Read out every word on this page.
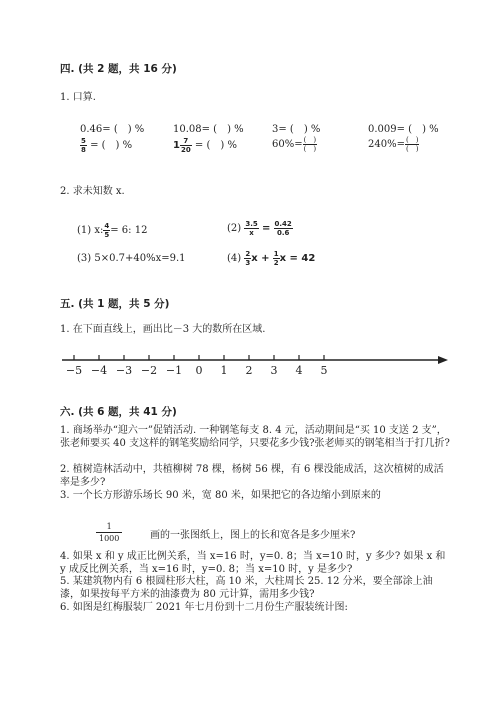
四. (共 2 题，共 16 分)
1. 口算.
0.46= (　) %	10.08= (　) %	3= (　) %	0.009= (　) %
$\frac{5}{8}$ = (　) %	$1 \frac{7}{20}$ = (　) %	$60\%= \frac{( )}{( )}$	$240\%= \frac{( )}{( )}$
2. 求未知数 x.
(1) x: $\frac{4}{5} = 6$: 12	$(2) \frac{3.5}{x} = \frac{0.42}{0.6}$
(3) 5×0.7+40%x=9.1	$(4) \frac{2}{3}$ $x + \frac{1}{2}$ x = 42
五. (共 1 题，共 5 分)
1. 在下面直线上，画出比－3 大的数所在区域.
−5 −4 −3 −2 −1 0 1 2 3 4 5
六. (共 6 题，共 41 分)
1. 商场举办“迎六一”促销活动. 一种钢笔每支 8. 4 元，活动期间是“买 10 支送 2 支”，张老师要买 40 支这样的钢笔奖励给同学，只要花多少钱?张老师买的钢笔相当于打几折?
2. 植树造林活动中，共植柳树 78 棵，杨树 56 棵，有 6 棵没能成活，这次植树的成活率是多少?
3. 一个长方形游乐场长 90 米，宽 80 米，如果把它的各边缩小到原来的
1
1000	画的一张图纸上，图上的长和宽各是多少厘米?
4. 如果 x 和 y 成正比例关系，当 x=16 时，y=0. 8；当 x=10 时，y 多少? 如果 x 和 y 成反比例关系，当 x=16 时，y=0. 8；当 x=10 时，y 是多少?
5. 某建筑物内有 6 根圆柱形大柱，高 10 米，大柱周长 25. 12 分米，要全部涂上油漆，如果按每平方米的油漆费为 80 元计算，需用多少钱?
6. 如图是红梅服装厂 2021 年七月份到十二月份生产服装统计图:
